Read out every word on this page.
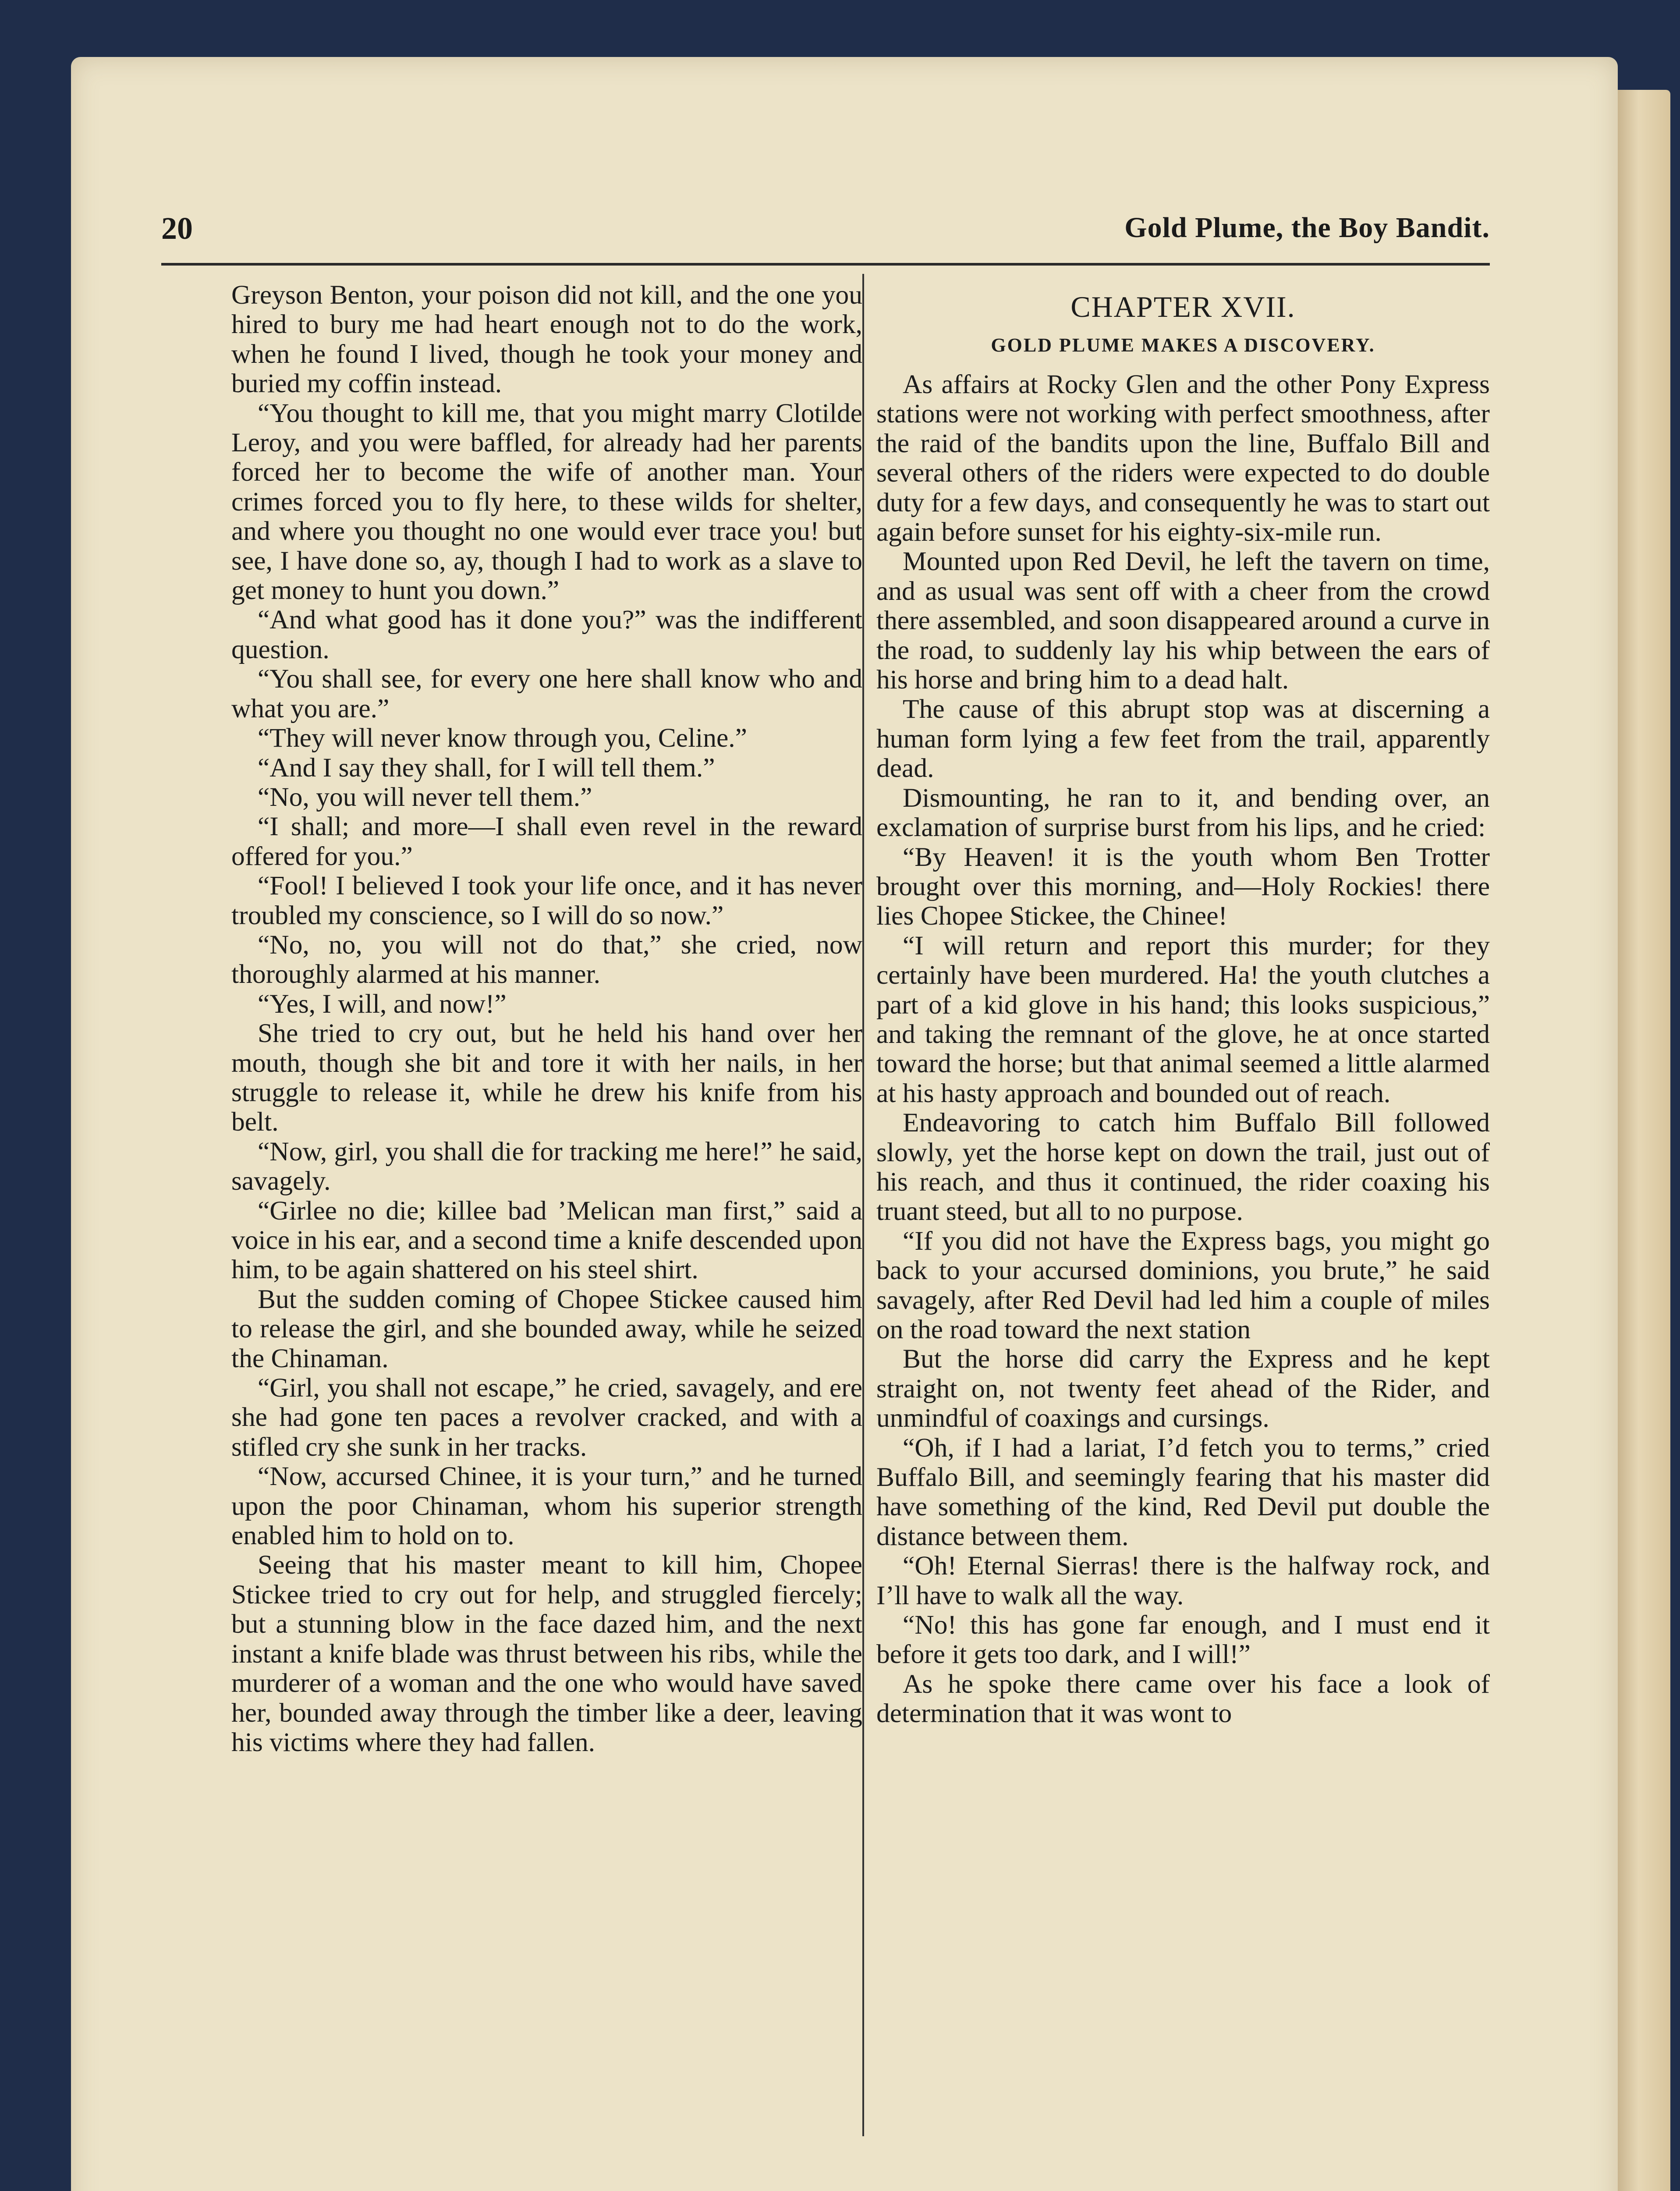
20	Gold Plume, the Boy Bandit.

Greyson Benton, your poison did not kill, and the one you hired to bury me had heart enough not to do the work, when he found I lived, though he took your money and buried my coffin instead.

“You thought to kill me, that you might marry Clotilde Leroy, and you were baffled, for already had her parents forced her to become the wife of another man. Your crimes forced you to fly here, to these wilds for shelter, and where you thought no one would ever trace you! but see, I have done so, ay, though I had to work as a slave to get money to hunt you down.”

“And what good has it done you?” was the indifferent question.

“You shall see, for every one here shall know who and what you are.”

“They will never know through you, Celine.”

“And I say they shall, for I will tell them.”

“No, you will never tell them.”

“I shall; and more—I shall even revel in the reward offered for you.”

“Fool! I believed I took your life once, and it has never troubled my conscience, so I will do so now.”

“No, no, you will not do that,” she cried, now thoroughly alarmed at his manner.

“Yes, I will, and now!”

She tried to cry out, but he held his hand over her mouth, though she bit and tore it with her nails, in her struggle to release it, while he drew his knife from his belt.

“Now, girl, you shall die for tracking me here!” he said, savagely.

“Girlee no die; killee bad ’Melican man first,” said a voice in his ear, and a second time a knife descended upon him, to be again shattered on his steel shirt.

But the sudden coming of Chopee Stickee caused him to release the girl, and she bounded away, while he seized the Chinaman.

“Girl, you shall not escape,” he cried, savagely, and ere she had gone ten paces a revolver cracked, and with a stifled cry she sunk in her tracks.

“Now, accursed Chinee, it is your turn,” and he turned upon the poor Chinaman, whom his superior strength enabled him to hold on to.

Seeing that his master meant to kill him, Chopee Stickee tried to cry out for help, and struggled fiercely; but a stunning blow in the face dazed him, and the next instant a knife blade was thrust between his ribs, while the murderer of a woman and the one who would have saved her, bounded away through the timber like a deer, leaving his victims where they had fallen.

CHAPTER XVII.
GOLD PLUME MAKES A DISCOVERY.

As affairs at Rocky Glen and the other Pony Express stations were not working with perfect smoothness, after the raid of the bandits upon the line, Buffalo Bill and several others of the riders were expected to do double duty for a few days, and consequently he was to start out again before sunset for his eighty-six-mile run.

Mounted upon Red Devil, he left the tavern on time, and as usual was sent off with a cheer from the crowd there assembled, and soon disappeared around a curve in the road, to suddenly lay his whip between the ears of his horse and bring him to a dead halt.

The cause of this abrupt stop was at discerning a human form lying a few feet from the trail, apparently dead.

Dismounting, he ran to it, and bending over, an exclamation of surprise burst from his lips, and he cried:

“By Heaven! it is the youth whom Ben Trotter brought over this morning, and—Holy Rockies! there lies Chopee Stickee, the Chinee!

“I will return and report this murder; for they certainly have been murdered. Ha! the youth clutches a part of a kid glove in his hand; this looks suspicious,” and taking the remnant of the glove, he at once started toward the horse; but that animal seemed a little alarmed at his hasty approach and bounded out of reach.

Endeavoring to catch him Buffalo Bill followed slowly, yet the horse kept on down the trail, just out of his reach, and thus it continued, the rider coaxing his truant steed, but all to no purpose.

“If you did not have the Express bags, you might go back to your accursed dominions, you brute,” he said savagely, after Red Devil had led him a couple of miles on the road toward the next station

But the horse did carry the Express and he kept straight on, not twenty feet ahead of the Rider, and unmindful of coaxings and cursings.

“Oh, if I had a lariat, I’d fetch you to terms,” cried Buffalo Bill, and seemingly fearing that his master did have something of the kind, Red Devil put double the distance between them.

“Oh! Eternal Sierras! there is the halfway rock, and I’ll have to walk all the way.

“No! this has gone far enough, and I must end it before it gets too dark, and I will!”

As he spoke there came over his face a look of determination that it was wont to
